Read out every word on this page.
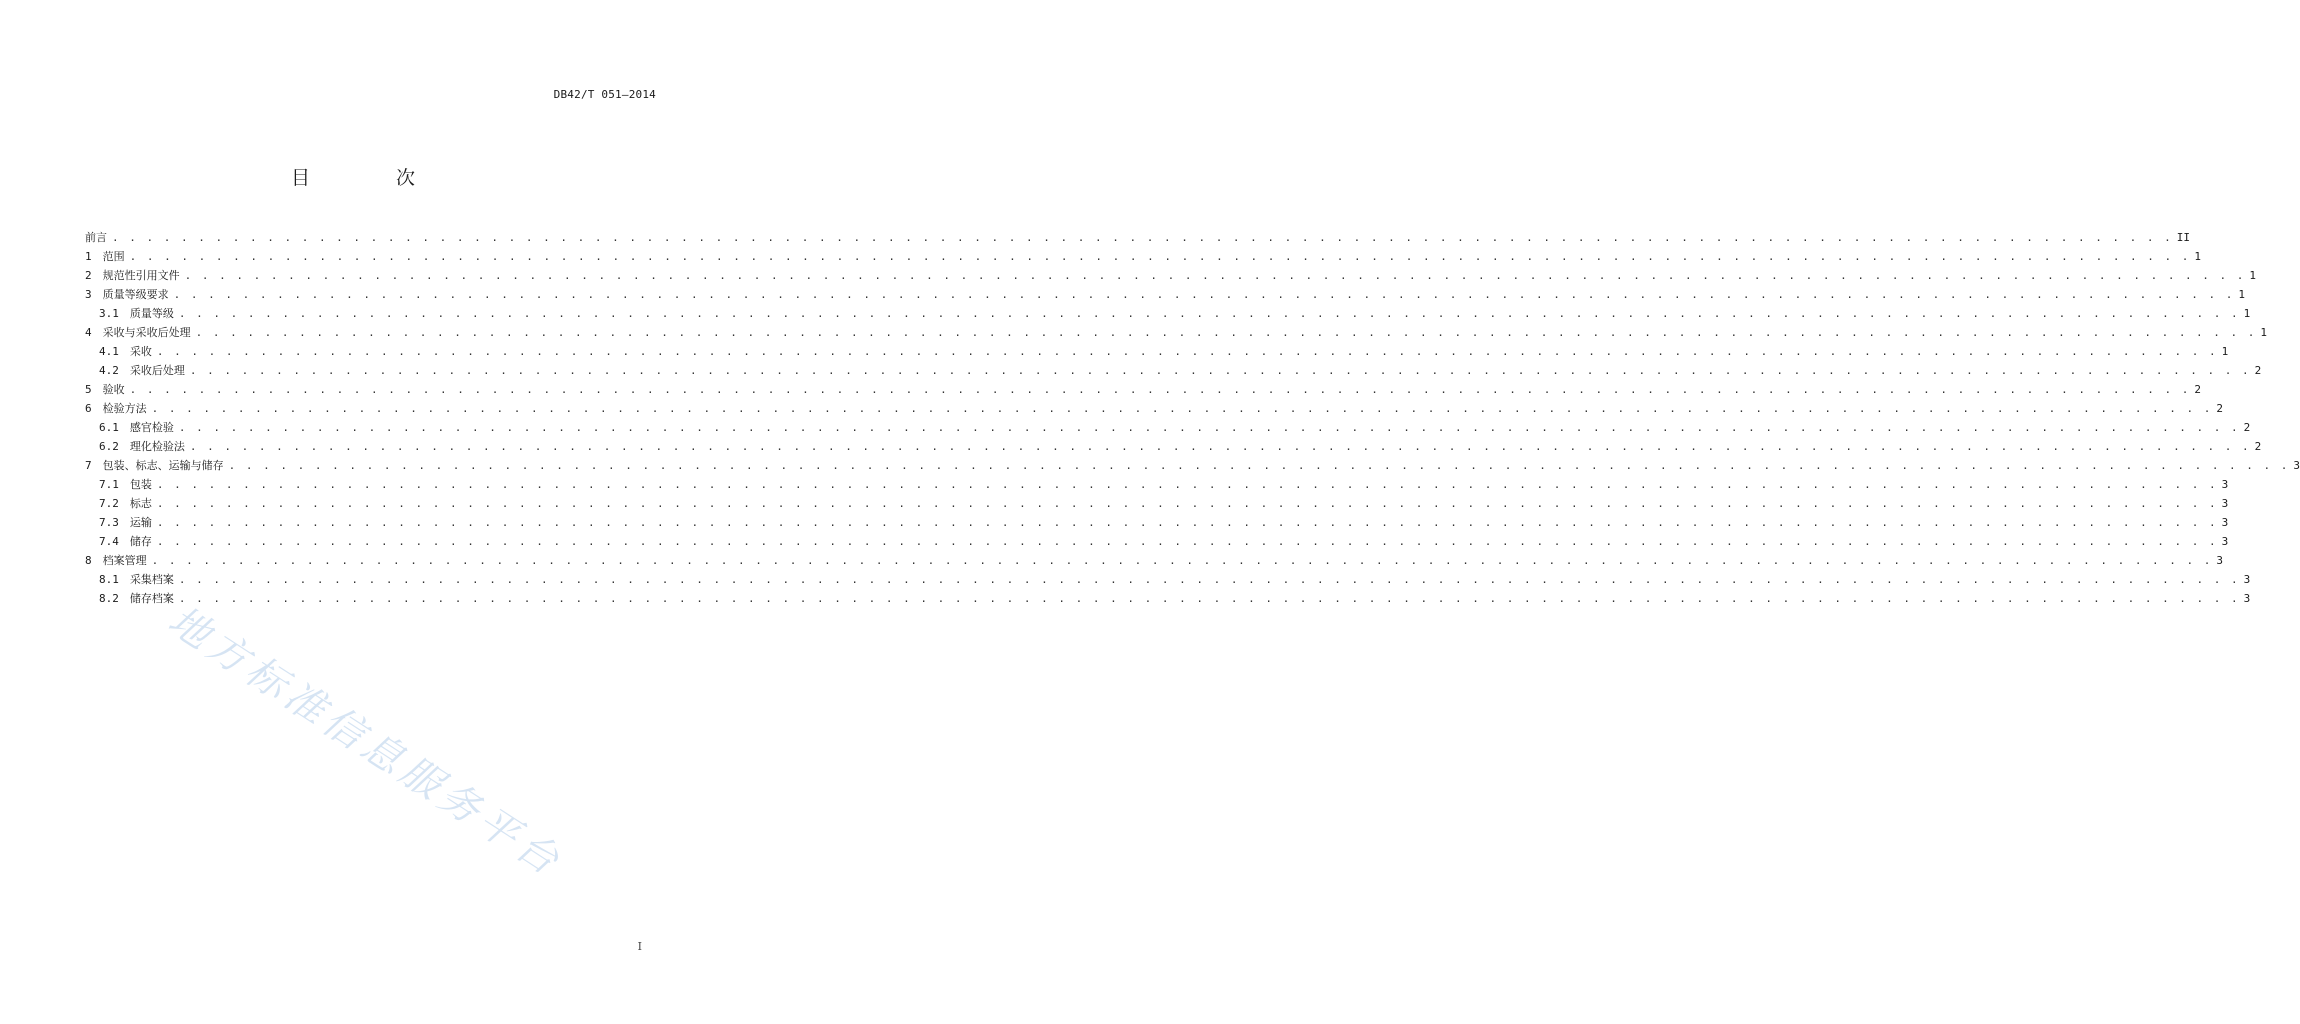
DB42/T 051—2014
目 次
前言 . . . . . . . . . . . . . . . . . . . . . . . . . . . . . . . . . . . . . . . . . . . . . . . . . . . . . . . . . . . . . . . . . . . . . . . . . . . . . . . . . . . . . . . . . . . . . . . . . . . . . . . . . . . . . . . . . . . . . . . . II
1 范围 . . . . . . . . . . . . . . . . . . . . . . . . . . . . . . . . . . . . . . . . . . . . . . . . . . . . . . . . . . . . . . . . . . . . . . . . . . . . . . . . . . . . . . . . . . . . . . . . . . . . . . . . . . . . . . . . . . . . . . . . 1
2 规范性引用文件 . . . . . . . . . . . . . . . . . . . . . . . . . . . . . . . . . . . . . . . . . . . . . . . . . . . . . . . . . . . . . . . . . . . . . . . . . . . . . . . . . . . . . . . . . . . . . . . . . . . . . . . . . . . . . . . . . . . . . . . . 1
3 质量等级要求 . . . . . . . . . . . . . . . . . . . . . . . . . . . . . . . . . . . . . . . . . . . . . . . . . . . . . . . . . . . . . . . . . . . . . . . . . . . . . . . . . . . . . . . . . . . . . . . . . . . . . . . . . . . . . . . . . . . . . . . . 1
3.1 质量等级 . . . . . . . . . . . . . . . . . . . . . . . . . . . . . . . . . . . . . . . . . . . . . . . . . . . . . . . . . . . . . . . . . . . . . . . . . . . . . . . . . . . . . . . . . . . . . . . . . . . . . . . . . . . . . . . . . . . . . . . . 1
4 采收与采收后处理 . . . . . . . . . . . . . . . . . . . . . . . . . . . . . . . . . . . . . . . . . . . . . . . . . . . . . . . . . . . . . . . . . . . . . . . . . . . . . . . . . . . . . . . . . . . . . . . . . . . . . . . . . . . . . . . . . . . . . . . . 1
4.1 采收 . . . . . . . . . . . . . . . . . . . . . . . . . . . . . . . . . . . . . . . . . . . . . . . . . . . . . . . . . . . . . . . . . . . . . . . . . . . . . . . . . . . . . . . . . . . . . . . . . . . . . . . . . . . . . . . . . . . . . . . . 1
4.2 采收后处理 . . . . . . . . . . . . . . . . . . . . . . . . . . . . . . . . . . . . . . . . . . . . . . . . . . . . . . . . . . . . . . . . . . . . . . . . . . . . . . . . . . . . . . . . . . . . . . . . . . . . . . . . . . . . . . . . . . . . . . . . 2
5 验收 . . . . . . . . . . . . . . . . . . . . . . . . . . . . . . . . . . . . . . . . . . . . . . . . . . . . . . . . . . . . . . . . . . . . . . . . . . . . . . . . . . . . . . . . . . . . . . . . . . . . . . . . . . . . . . . . . . . . . . . . 2
6 检验方法 . . . . . . . . . . . . . . . . . . . . . . . . . . . . . . . . . . . . . . . . . . . . . . . . . . . . . . . . . . . . . . . . . . . . . . . . . . . . . . . . . . . . . . . . . . . . . . . . . . . . . . . . . . . . . . . . . . . . . . . . 2
6.1 感官检验 . . . . . . . . . . . . . . . . . . . . . . . . . . . . . . . . . . . . . . . . . . . . . . . . . . . . . . . . . . . . . . . . . . . . . . . . . . . . . . . . . . . . . . . . . . . . . . . . . . . . . . . . . . . . . . . . . . . . . . . . 2
6.2 理化检验法 . . . . . . . . . . . . . . . . . . . . . . . . . . . . . . . . . . . . . . . . . . . . . . . . . . . . . . . . . . . . . . . . . . . . . . . . . . . . . . . . . . . . . . . . . . . . . . . . . . . . . . . . . . . . . . . . . . . . . . . . 2
7 包装、标志、运输与储存 . . . . . . . . . . . . . . . . . . . . . . . . . . . . . . . . . . . . . . . . . . . . . . . . . . . . . . . . . . . . . . . . . . . . . . . . . . . . . . . . . . . . . . . . . . . . . . . . . . . . . . . . . . . . . . . . . . . . . . . . 3
7.1 包装 . . . . . . . . . . . . . . . . . . . . . . . . . . . . . . . . . . . . . . . . . . . . . . . . . . . . . . . . . . . . . . . . . . . . . . . . . . . . . . . . . . . . . . . . . . . . . . . . . . . . . . . . . . . . . . . . . . . . . . . . 3
7.2 标志 . . . . . . . . . . . . . . . . . . . . . . . . . . . . . . . . . . . . . . . . . . . . . . . . . . . . . . . . . . . . . . . . . . . . . . . . . . . . . . . . . . . . . . . . . . . . . . . . . . . . . . . . . . . . . . . . . . . . . . . . 3
7.3 运输 . . . . . . . . . . . . . . . . . . . . . . . . . . . . . . . . . . . . . . . . . . . . . . . . . . . . . . . . . . . . . . . . . . . . . . . . . . . . . . . . . . . . . . . . . . . . . . . . . . . . . . . . . . . . . . . . . . . . . . . . 3
7.4 储存 . . . . . . . . . . . . . . . . . . . . . . . . . . . . . . . . . . . . . . . . . . . . . . . . . . . . . . . . . . . . . . . . . . . . . . . . . . . . . . . . . . . . . . . . . . . . . . . . . . . . . . . . . . . . . . . . . . . . . . . . 3
8 档案管理 . . . . . . . . . . . . . . . . . . . . . . . . . . . . . . . . . . . . . . . . . . . . . . . . . . . . . . . . . . . . . . . . . . . . . . . . . . . . . . . . . . . . . . . . . . . . . . . . . . . . . . . . . . . . . . . . . . . . . . . . 3
8.1 采集档案 . . . . . . . . . . . . . . . . . . . . . . . . . . . . . . . . . . . . . . . . . . . . . . . . . . . . . . . . . . . . . . . . . . . . . . . . . . . . . . . . . . . . . . . . . . . . . . . . . . . . . . . . . . . . . . . . . . . . . . . . 3
8.2 储存档案 . . . . . . . . . . . . . . . . . . . . . . . . . . . . . . . . . . . . . . . . . . . . . . . . . . . . . . . . . . . . . . . . . . . . . . . . . . . . . . . . . . . . . . . . . . . . . . . . . . . . . . . . . . . . . . . . . . . . . . . . 3
地方标准信息服务平台
I
